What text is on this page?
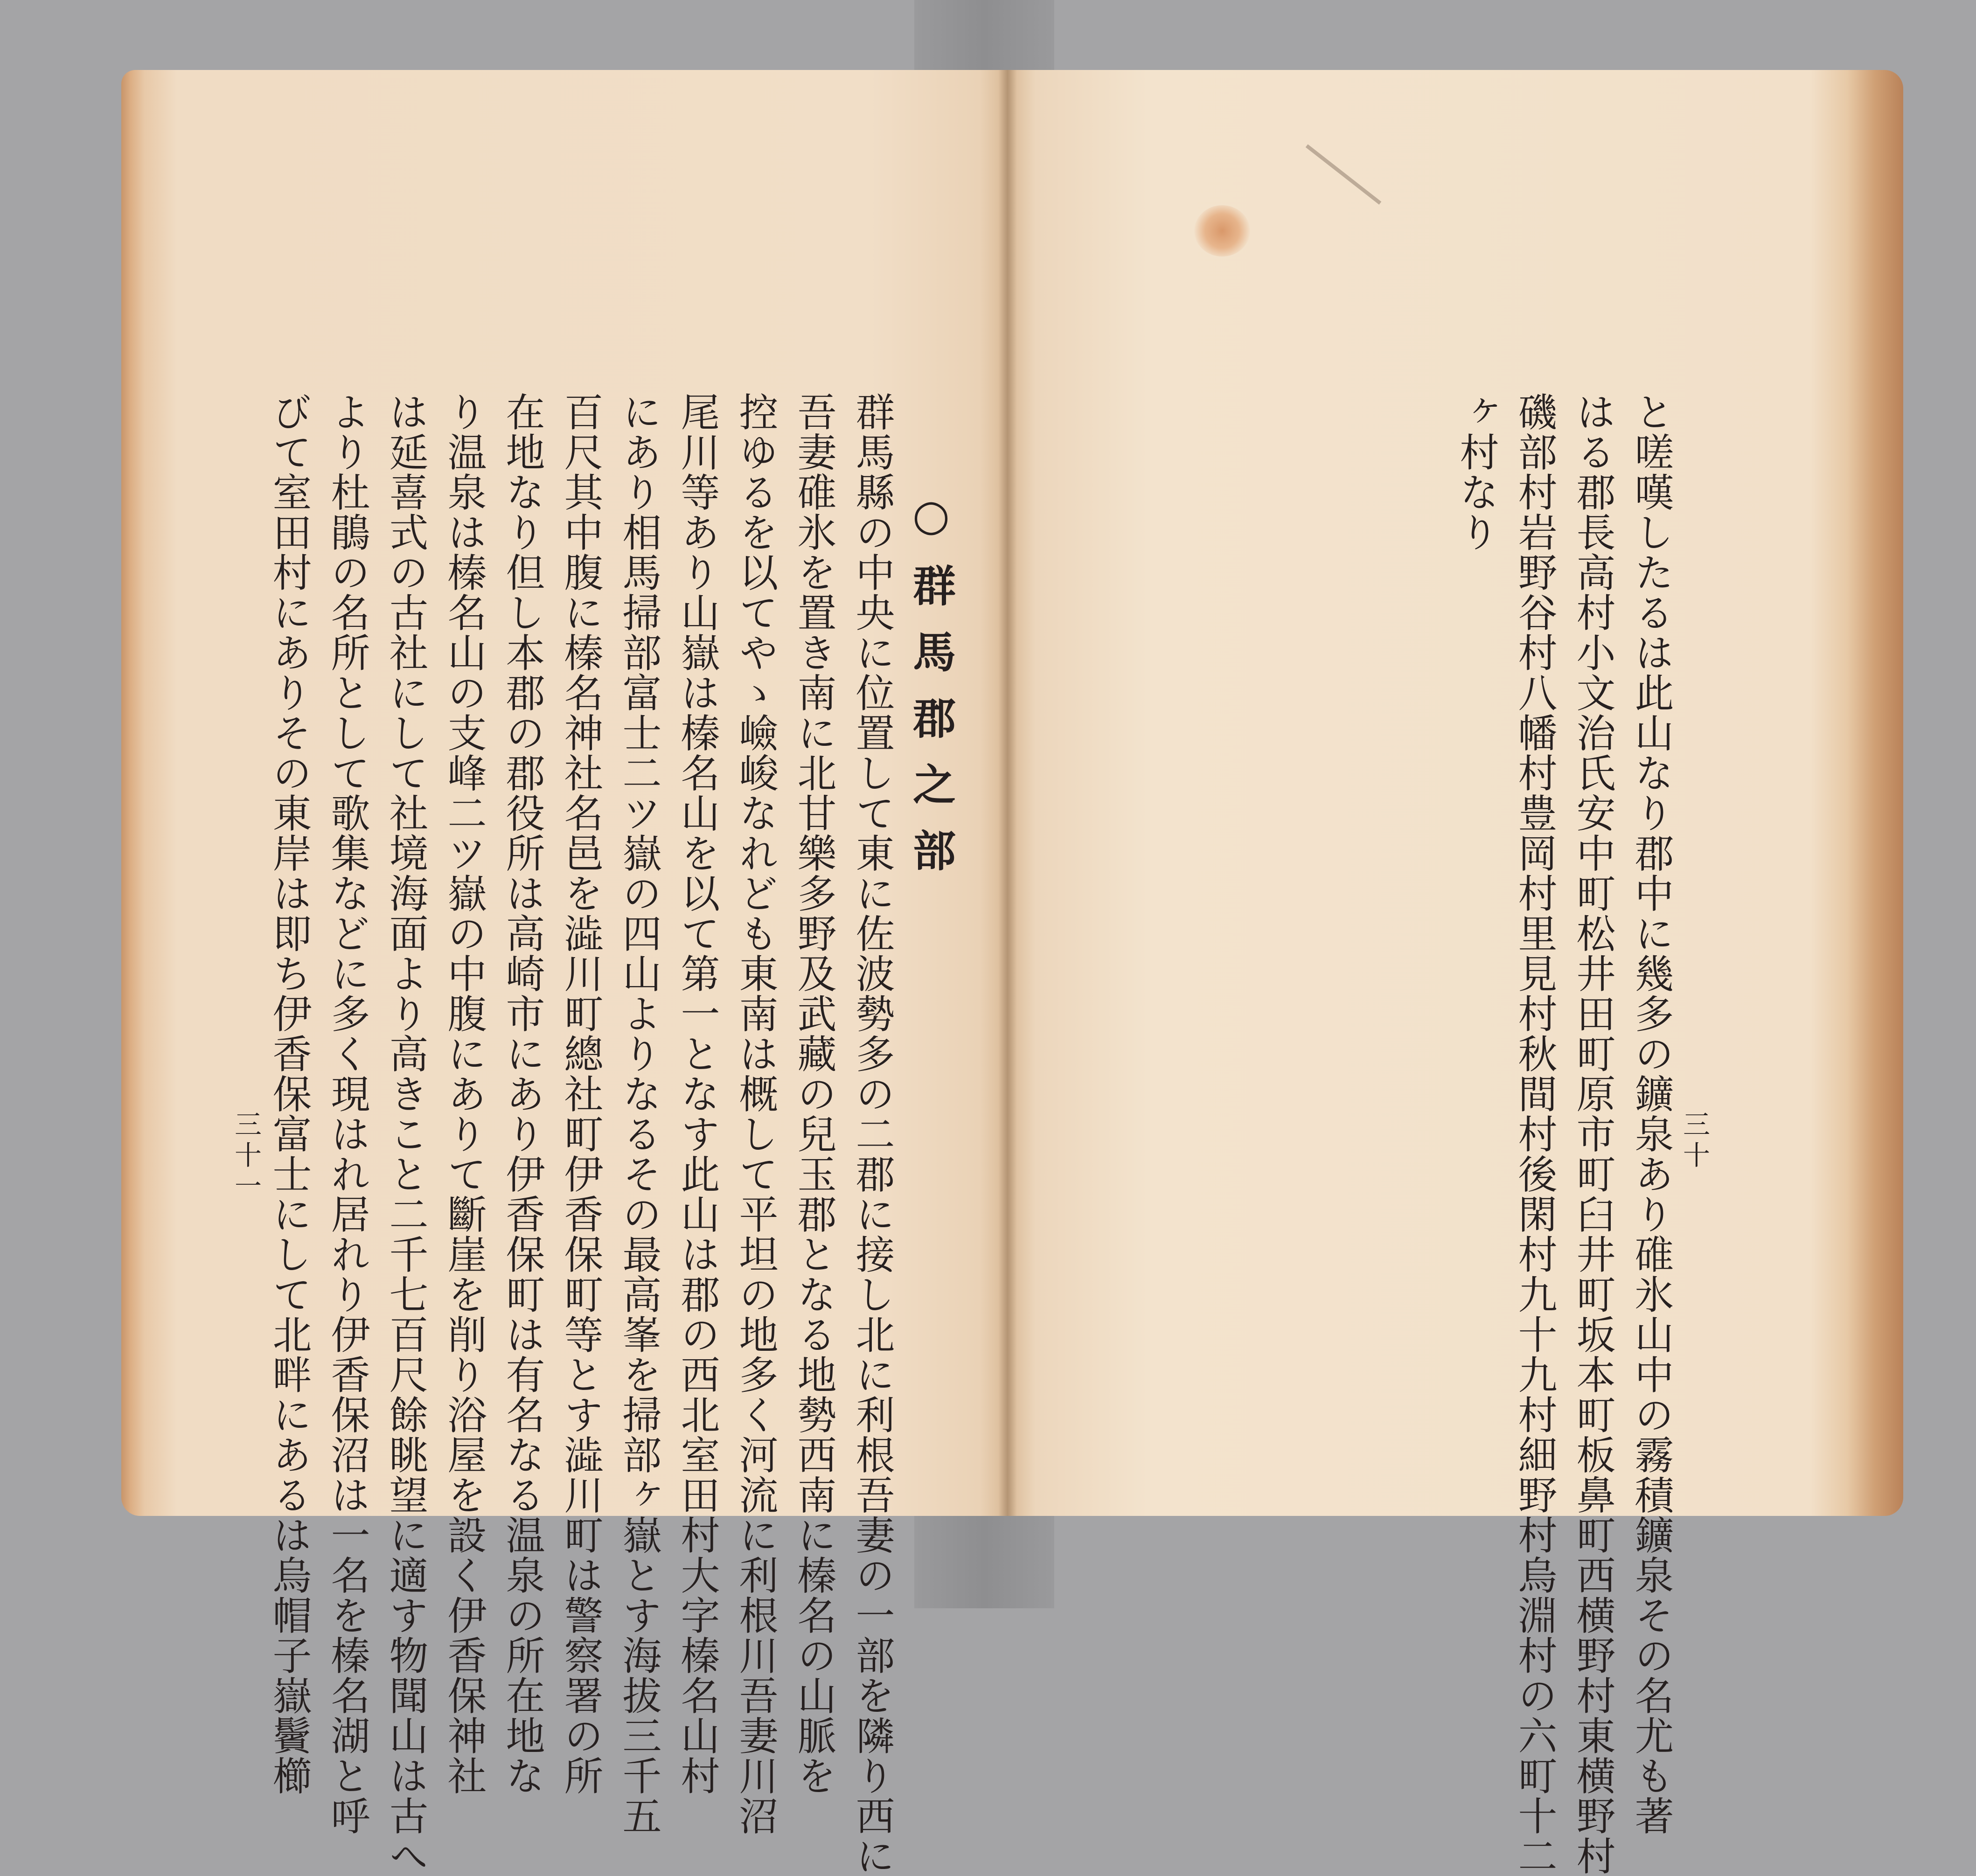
○群馬郡之部
群馬縣の中央に位置して東に佐波勢多の二郡に接し北に利根吾妻の一部を隣り西に
吾妻碓氷を置き南に北甘樂多野及武藏の兒玉郡となる地勢西南に榛名の山脈を
控ゆるを以てやゝ嶮峻なれども東南は概して平坦の地多く河流に利根川吾妻川沼
尾川等あり山嶽は榛名山を以て第一となす此山は郡の西北室田村大字榛名山村
にあり相馬掃部富士二ツ嶽の四山よりなるその最高峯を掃部ヶ嶽とす海拔三千五
百尺其中腹に榛名神社名邑を澁川町總社町伊香保町等とす澁川町は警察署の所
在地なり但し本郡の郡役所は高崎市にあり伊香保町は有名なる温泉の所在地な
り温泉は榛名山の支峰二ツ嶽の中腹にありて斷崖を削り浴屋を設く伊香保神社
は延喜式の古社にして社境海面より高きこと二千七百尺餘眺望に適す物聞山は古へ
より杜鵑の名所として歌集などに多く現はれ居れり伊香保沼は一名を榛名湖と呼
びて室田村にありその東岸は即ち伊香保富士にして北畔にあるは烏帽子嶽鬢櫛
三十一	と嗟嘆したるは此山なり郡中に幾多の鑛泉あり碓氷山中の霧積鑛泉その名尤も著
はる郡長高村小文治氏安中町松井田町原市町臼井町坂本町板鼻町西横野村東横野村
磯部村岩野谷村八幡村豊岡村里見村秋間村後閑村九十九村細野村烏淵村の六町十二
ヶ村なり
三十
